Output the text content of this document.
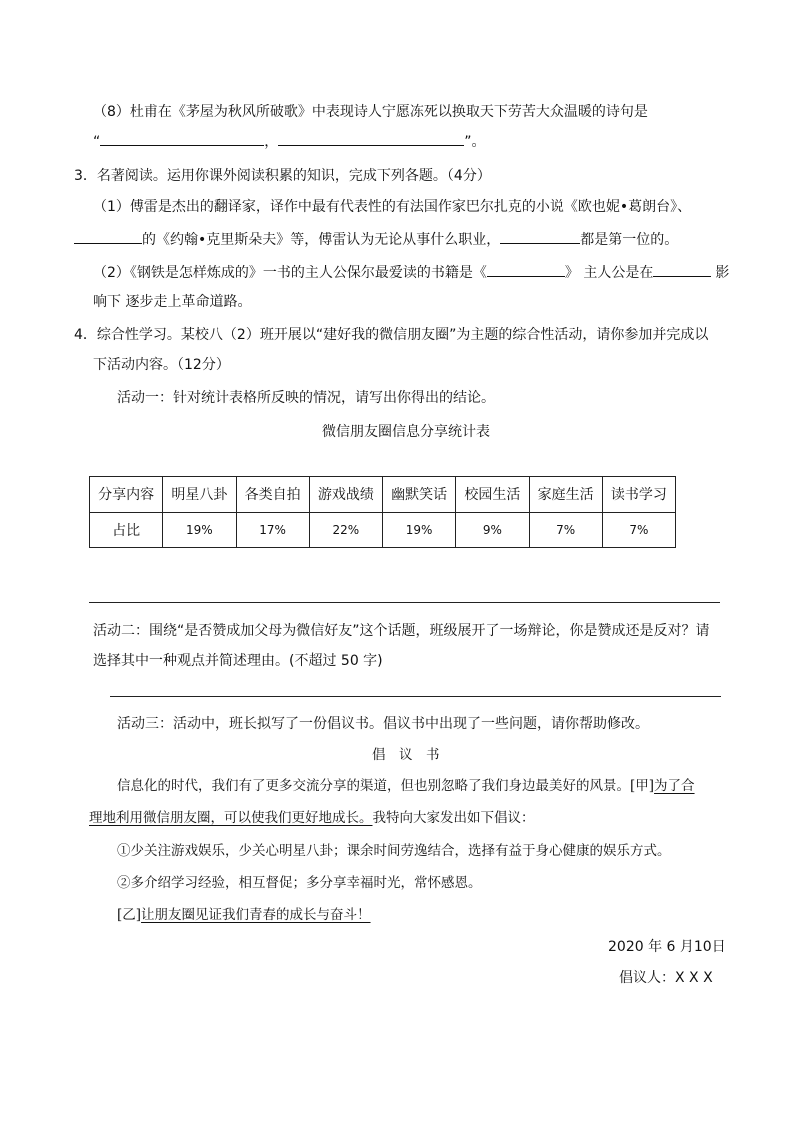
（8）杜甫在《茅屋为秋风所破歌》中表现诗人宁愿冻死以换取天下劳苦大众温暖的诗句是
“	，	”。
3．名著阅读。运用你课外阅读积累的知识，完成下列各题。（4分）
（1）傅雷是杰出的翻译家，译作中最有代表性的有法国作家巴尔扎克的小说《欧也妮•葛朗台》、
的《约翰•克里斯朵夫》等，傅雷认为无论从事什么职业，	都是第一位的。
（2）《钢铁是怎样炼成的》一书的主人公保尔最爱读的书籍是《	》 主人公是在	影
响下 逐步走上革命道路。
4．综合性学习。某校八（2）班开展以“建好我的微信朋友圈”为主题的综合性活动，请你参加并完成以
下活动内容。（12分）
活动一：针对统计表格所反映的情况，请写出你得出的结论。
微信朋友圈信息分享统计表
分享内容	明星八卦	各类自拍	游戏战绩	幽默笑话	校园生活	家庭生活	读书学习
占比	19%	17%	22%	19%	9%	7%	7%
活动二：围绕“是否赞成加父母为微信好友”这个话题，班级展开了一场辩论，你是赞成还是反对？请
选择其中一种观点并简述理由。(不超过 50 字)
活动三：活动中，班长拟写了一份倡议书。倡议书中出现了一些问题，请你帮助修改。
倡　议　书
信息化的时代，我们有了更多交流分享的渠道，但也别忽略了我们身边最美好的风景。[甲]为了合
理地利用微信朋友圈，可以使我们更好地成长。我特向大家发出如下倡议：
①少关注游戏娱乐，少关心明星八卦；课余时间劳逸结合，选择有益于身心健康的娱乐方式。
②多介绍学习经验，相互督促；多分享幸福时光，常怀感恩。
[乙]让朋友圈见证我们青春的成长与奋斗！
2020 年 6 月10日
倡议人：X X X
